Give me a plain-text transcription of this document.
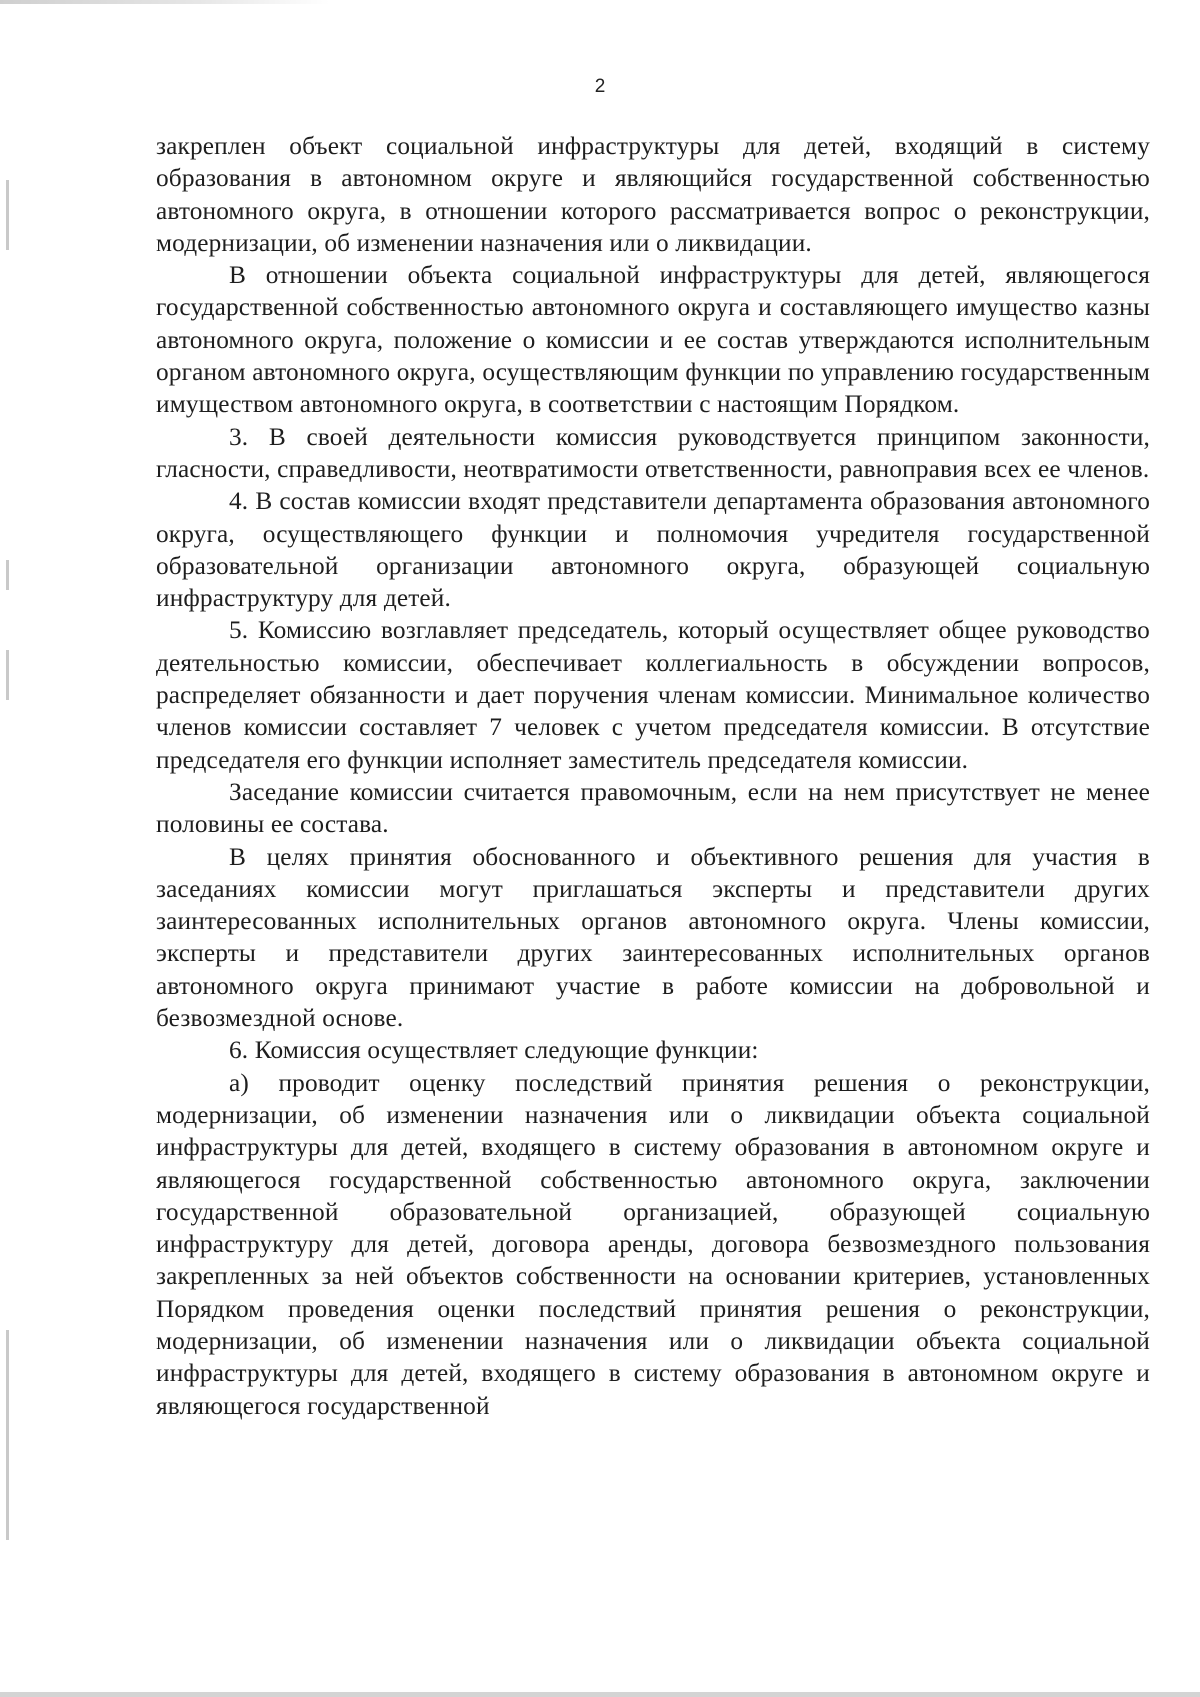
2

закреплен объект социальной инфраструктуры для детей, входящий в систему образования в автономном округе и являющийся государственной собственностью автономного округа, в отношении которого рассматривается вопрос о реконструкции, модернизации, об изменении назначения или о ликвидации.

В отношении объекта социальной инфраструктуры для детей, являющегося государственной собственностью автономного округа и составляющего имущество казны автономного округа, положение о комиссии и ее состав утверждаются исполнительным органом автономного округа, осуществляющим функции по управлению государственным имуществом автономного округа, в соответствии с настоящим Порядком.

3. В своей деятельности комиссия руководствуется принципом законности, гласности, справедливости, неотвратимости ответственности, равноправия всех ее членов.

4. В состав комиссии входят представители департамента образования автономного округа, осуществляющего функции и полномочия учредителя государственной образовательной организации автономного округа, образующей социальную инфраструктуру для детей.

5. Комиссию возглавляет председатель, который осуществляет общее руководство деятельностью комиссии, обеспечивает коллегиальность в обсуждении вопросов, распределяет обязанности и дает поручения членам комиссии. Минимальное количество членов комиссии составляет 7 человек с учетом председателя комиссии. В отсутствие председателя его функции исполняет заместитель председателя комиссии.

Заседание комиссии считается правомочным, если на нем присутствует не менее половины ее состава.

В целях принятия обоснованного и объективного решения для участия в заседаниях комиссии могут приглашаться эксперты и представители других заинтересованных исполнительных органов автономного округа. Члены комиссии, эксперты и представители других заинтересованных исполнительных органов автономного округа принимают участие в работе комиссии на добровольной и безвозмездной основе.

6. Комиссия осуществляет следующие функции:

а) проводит оценку последствий принятия решения о реконструкции, модернизации, об изменении назначения или о ликвидации объекта социальной инфраструктуры для детей, входящего в систему образования в автономном округе и являющегося государственной собственностью автономного округа, заключении государственной образовательной организацией, образующей социальную инфраструктуру для детей, договора аренды, договора безвозмездного пользования закрепленных за ней объектов собственности на основании критериев, установленных Порядком проведения оценки последствий принятия решения о реконструкции, модернизации, об изменении назначения или о ликвидации объекта социальной инфраструктуры для детей, входящего в систему образования в автономном округе и являющегося государственной
